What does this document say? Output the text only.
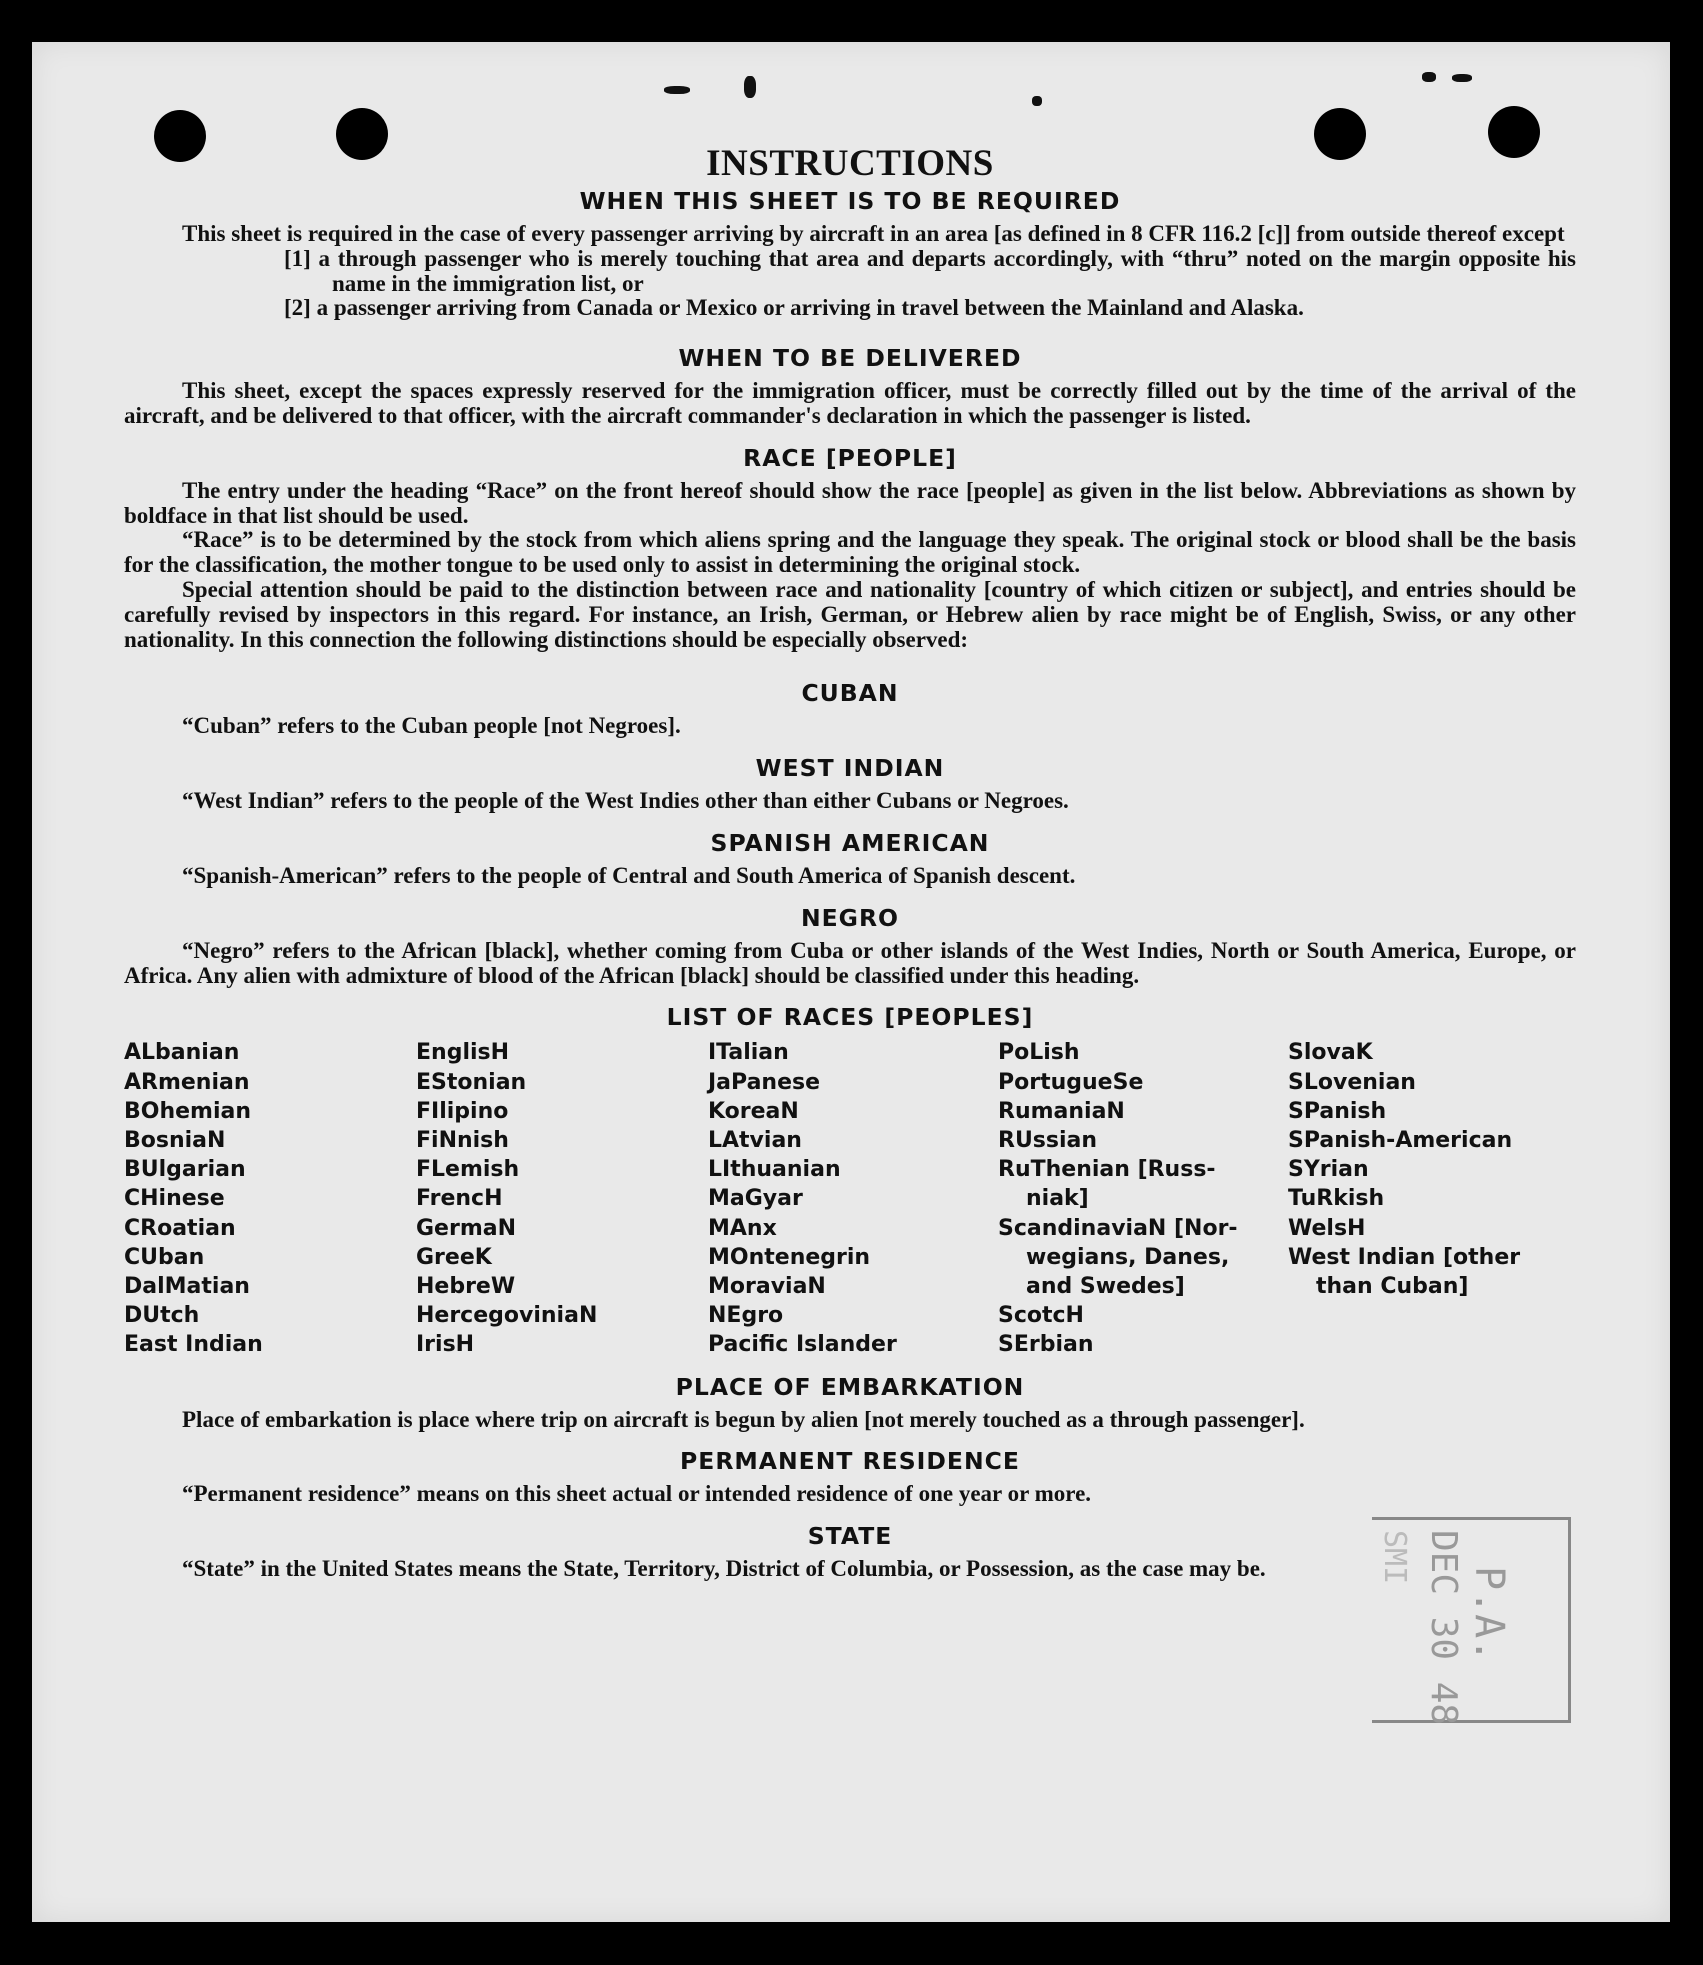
INSTRUCTIONS
WHEN THIS SHEET IS TO BE REQUIRED

This sheet is required in the case of every passenger arriving by aircraft in an area [as defined in 8 CFR 116.2 [c]] from outside thereof except

[1] a through passenger who is merely touching that area and departs accordingly, with “thru” noted on the margin opposite his name in the immigration list, or

[2] a passenger arriving from Canada or Mexico or arriving in travel between the Mainland and Alaska.

WHEN TO BE DELIVERED

This sheet, except the spaces expressly reserved for the immigration officer, must be correctly filled out by the time of the arrival of the aircraft, and be delivered to that officer, with the aircraft commander's declaration in which the passenger is listed.

RACE [PEOPLE]

The entry under the heading “Race” on the front hereof should show the race [people] as given in the list below. Abbreviations as shown by boldface in that list should be used.

“Race” is to be determined by the stock from which aliens spring and the language they speak. The original stock or blood shall be the basis for the classification, the mother tongue to be used only to assist in determining the original stock.

Special attention should be paid to the distinction between race and nationality [country of which citizen or subject], and entries should be carefully revised by inspectors in this regard. For instance, an Irish, German, or Hebrew alien by race might be of English, Swiss, or any other nationality. In this connection the following distinctions should be especially observed:

CUBAN

“Cuban” refers to the Cuban people [not Negroes].

WEST INDIAN

“West Indian” refers to the people of the West Indies other than either Cubans or Negroes.

SPANISH AMERICAN

“Spanish-American” refers to the people of Central and South America of Spanish descent.

NEGRO

“Negro” refers to the African [black], whether coming from Cuba or other islands of the West Indies, North or South America, Europe, or Africa. Any alien with admixture of blood of the African [black] should be classified under this heading.

LIST OF RACES [PEOPLES]
ALbanian
ARmenian
BOhemian
BosniaN
BUlgarian
CHinese
CRoatian
CUban
DalMatian
DUtch
East Indian
EnglisH
EStonian
FIlipino
FiNnish
FLemish
FrencH
GermaN
GreeK
HebreW
HercegoviniaN
IrisH
ITalian
JaPanese
KoreaN
LAtvian
LIthuanian
MaGyar
MAnx
MOntenegrin
MoraviaN
NEgro
Pacific Islander
PoLish
PortugueSe
RumaniaN
RUssian
RuThenian [Russ-
niak]
ScandinaviaN [Nor-
wegians, Danes,
and Swedes]
ScotcH
SErbian
SlovaK
SLovenian
SPanish
SPanish-American
SYrian
TuRkish
WelsH
West Indian [other
than Cuban]
PLACE OF EMBARKATION

Place of embarkation is place where trip on aircraft is begun by alien [not merely touched as a through passenger].

PERMANENT RESIDENCE

“Permanent residence” means on this sheet actual or intended residence of one year or more.

STATE

“State” in the United States means the State, Territory, District of Columbia, or Possession, as the case may be.	P.A.
DEC 30 48
SMI
